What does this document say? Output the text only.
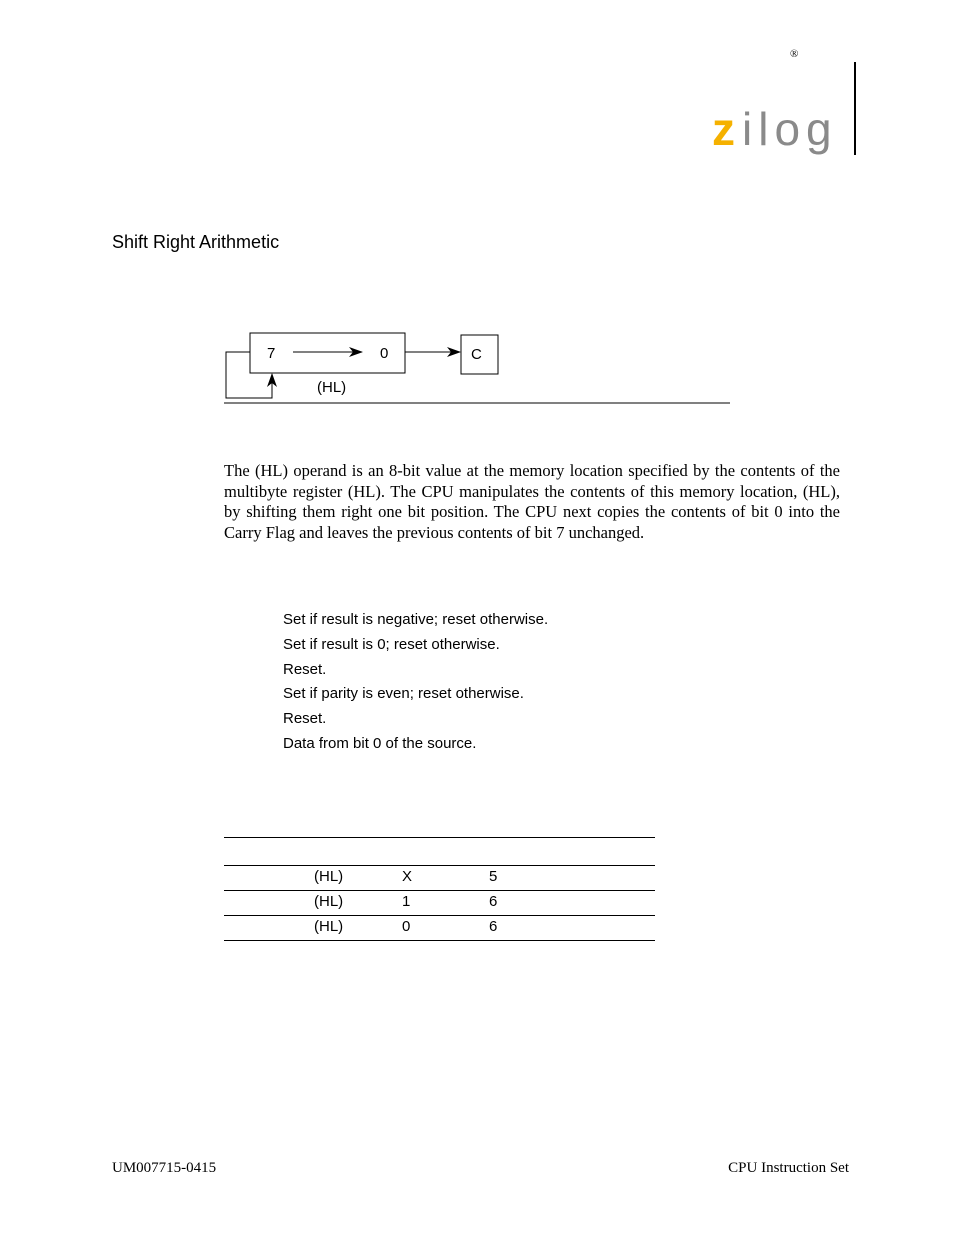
®
z ilog
Shift Right Arithmetic
7	0	C
(HL)
The (HL) operand is an 8-bit value at the memory location specified by the contents of the multibyte register (HL). The CPU manipulates the contents of this memory location, (HL), by shifting them right one bit position. The CPU next copies the contents of bit 0 into the Carry Flag and leaves the previous contents of bit 7 unchanged.
Set if result is negative; reset otherwise.
Set if result is 0; reset otherwise.
Reset.
Set if parity is even; reset otherwise.
Reset.
Data from bit 0 of the source.
(HL)	X	5
(HL)	1	6
(HL)	0	6
UM007715-0415	CPU Instruction Set
